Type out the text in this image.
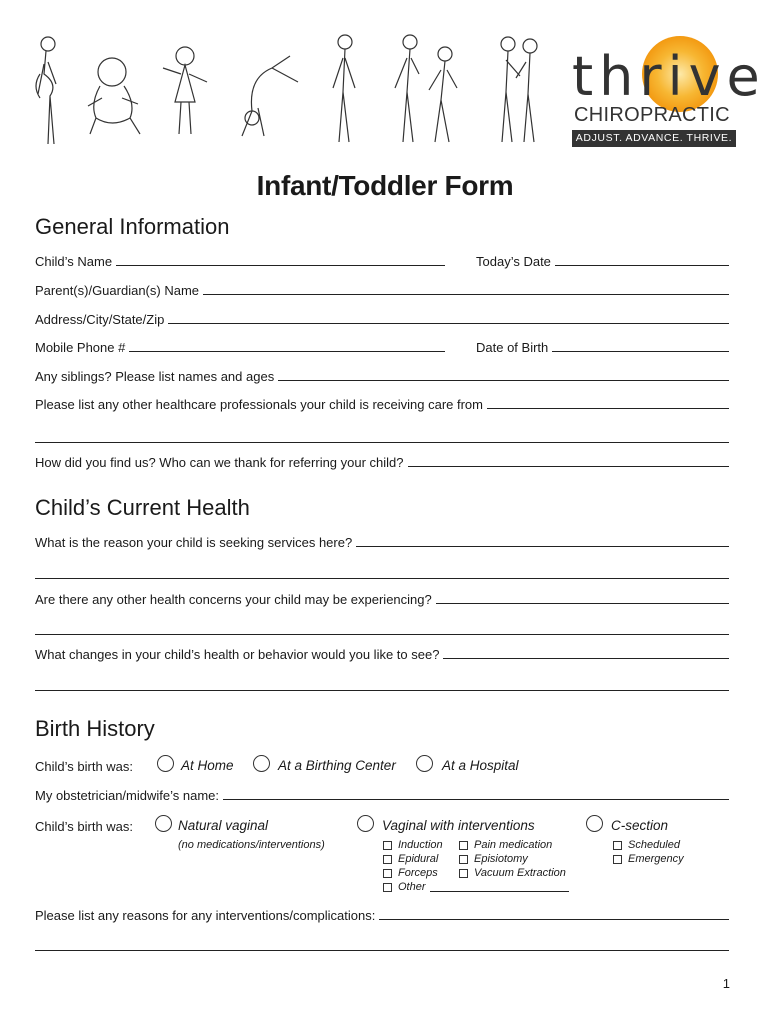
thrive
CHIROPRACTIC
ADJUST. ADVANCE. THRIVE.
Infant/Toddler Form
General Information
Child’s Name	Today’s Date
Parent(s)/Guardian(s) Name
Address/City/State/Zip
Mobile Phone #	Date of Birth
Any siblings? Please list names and ages
Please list any other healthcare professionals your child is receiving care from
How did you find us? Who can we thank for referring your child?
Child’s Current Health
What is the reason your child is seeking services here?
Are there any other health concerns your child may be experiencing?
What changes in your child’s health or behavior would you like to see?
Birth History
Child’s birth was:	At Home	At a Birthing Center	At a Hospital
My obstetrician/midwife’s name:
Child’s birth was:	Natural vaginal
(no medications/interventions)
Vaginal with interventions
Induction	Pain medication
Epidural	Episiotomy
Forceps	Vacuum Extraction
Other
C-section
Scheduled
Emergency
Please list any reasons for any interventions/complications:
1
